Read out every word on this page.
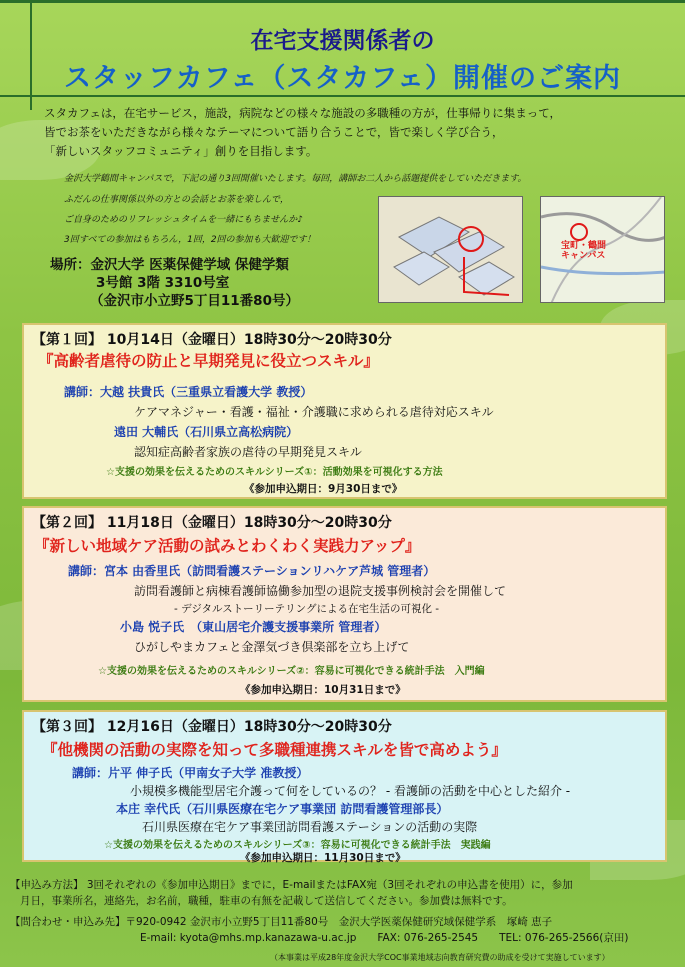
在宅支援関係者の
スタッフカフェ（スタカフェ）開催のご案内
スタカフェは，在宅サービス，施設，病院などの様々な施設の多職種の方が，仕事帰りに集まって，
皆でお茶をいただきながら様々なテーマについて語り合うことで，皆で楽しく学び合う，
「新しいスタッフコミュニティ」創りを目指します。
金沢大学鶴間キャンパスで，下記の通り3回開催いたします。毎回，講師お二人から話題提供をしていただきます。
ふだんの仕事関係以外の方との会話とお茶を楽しんで，
ご自身のためのリフレッシュタイムを一緒にもちませんか♪
3回すべての参加はもちろん，1回，2回の参加も大歓迎です！
宝町・鶴間キャンパス
場所：金沢大学 医薬保健学域 保健学類
3号館 3階 3310号室
（金沢市小立野5丁目11番80号）
【第１回】 10月14日（金曜日）18時30分～20時30分
『高齢者虐待の防止と早期発見に役立つスキル』
講師：大越 扶貴氏（三重県立看護大学 教授）
ケアマネジャー・看護・福祉・介護職に求められる虐待対応スキル
遠田 大輔氏（石川県立高松病院）
認知症高齢者家族の虐待の早期発見スキル
☆支援の効果を伝えるためのスキルシリーズ①：活動効果を可視化する方法
《参加申込期日：9月30日まで》
【第２回】 11月18日（金曜日）18時30分～20時30分
『新しい地域ケア活動の試みとわくわく実践力アップ』
講師：宮本 由香里氏（訪問看護ステーションリハケア芦城 管理者）
訪問看護師と病棟看護師協働参加型の退院支援事例検討会を開催して
- デジタルストーリーテリングによる在宅生活の可視化 -
小島 悦子氏　（東山居宅介護支援事業所 管理者）
ひがしやまカフェと金澤気づき倶楽部を立ち上げて
☆支援の効果を伝えるためのスキルシリーズ②：容易に可視化できる統計手法　入門編
《参加申込期日：10月31日まで》
【第３回】 12月16日（金曜日）18時30分～20時30分
『他機関の活動の実際を知って多職種連携スキルを皆で高めよう』
講師：片平 伸子氏（甲南女子大学 准教授）
小規模多機能型居宅介護って何をしているの？ - 看護師の活動を中心とした紹介 -
本庄 幸代氏（石川県医療在宅ケア事業団 訪問看護管理部長）
石川県医療在宅ケア事業団訪問看護ステーションの活動の実際
☆支援の効果を伝えるためのスキルシリーズ③：容易に可視化できる統計手法　実践編
《参加申込期日：11月30日まで》
【申込み方法】 3回それぞれの《参加申込期日》までに，E-mailまたはFAX宛（3回それぞれの申込書を使用）に，参加
月日，事業所名，連絡先，お名前，職種，駐車の有無を記載して送信してください。参加費は無料です。
【問合わせ・申込み先】〒920-0942 金沢市小立野5丁目11番80号　金沢大学医薬保健研究域保健学系　塚崎 恵子
E-mail: kyota@mhs.mp.kanazawa-u.ac.jp　　FAX: 076-265-2545　　TEL: 076-265-2566(京田)
（本事業は平成28年度金沢大学COC事業地域志向教育研究費の助成を受けて実施しています）
